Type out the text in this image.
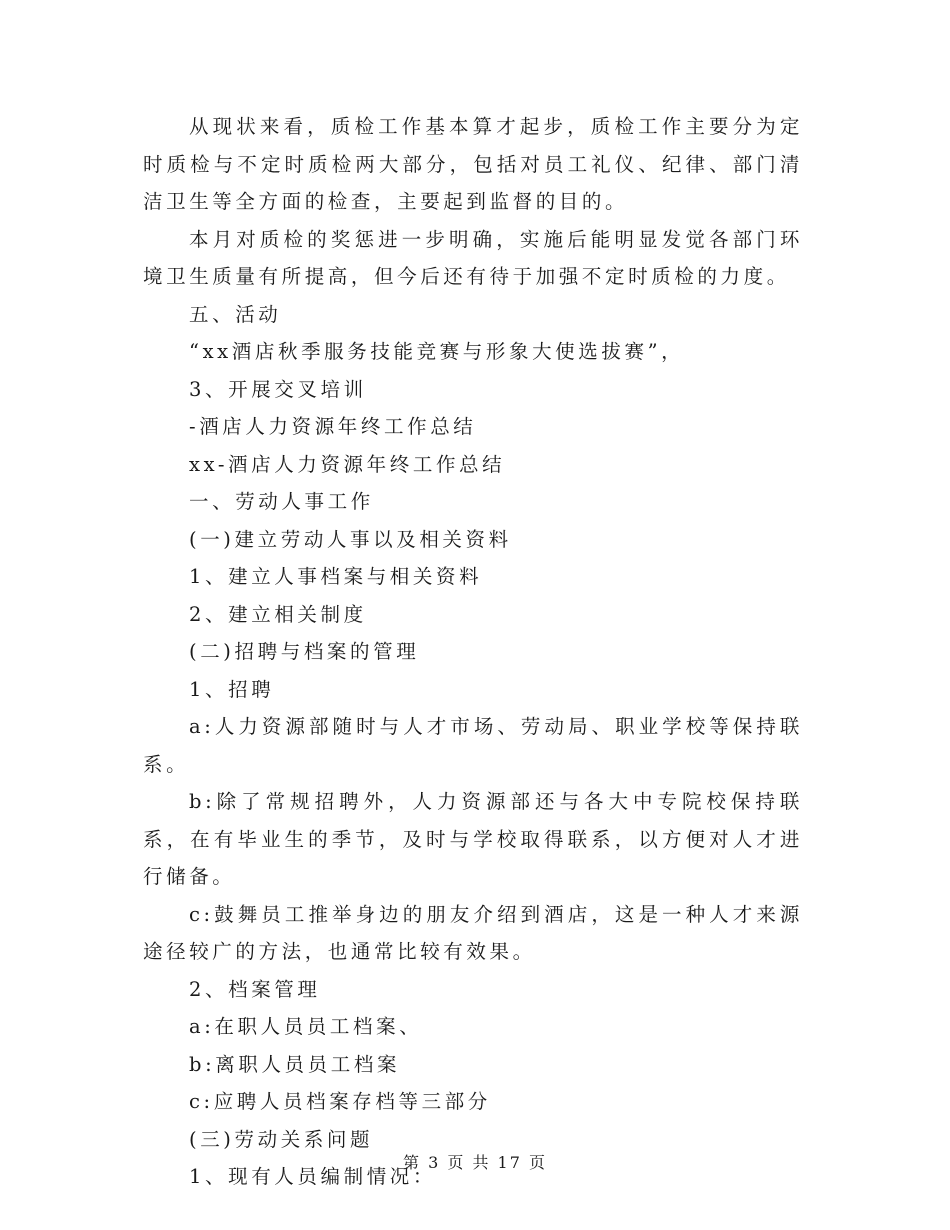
从现状来看，质检工作基本算才起步，质检工作主要分为定时质检与不定时质检两大部分，包括对员工礼仪、纪律、部门清洁卫生等全方面的检查，主要起到监督的目的。

本月对质检的奖惩进一步明确，实施后能明显发觉各部门环境卫生质量有所提高，但今后还有待于加强不定时质检的力度。

五、活动

“xx酒店秋季服务技能竞赛与形象大使选拔赛”，

3、开展交叉培训

-酒店人力资源年终工作总结

xx-酒店人力资源年终工作总结

一、劳动人事工作

(一)建立劳动人事以及相关资料

1、建立人事档案与相关资料

2、建立相关制度

(二)招聘与档案的管理

1、招聘

a:人力资源部随时与人才市场、劳动局、职业学校等保持联系。

b:除了常规招聘外，人力资源部还与各大中专院校保持联系，在有毕业生的季节，及时与学校取得联系，以方便对人才进行储备。

c:鼓舞员工推举身边的朋友介绍到酒店，这是一种人才来源途径较广的方法，也通常比较有效果。

2、档案管理

a:在职人员员工档案、

b:离职人员员工档案

c:应聘人员档案存档等三部分

(三)劳动关系问题

1、现有人员编制情况：

第 3 页 共 17 页
